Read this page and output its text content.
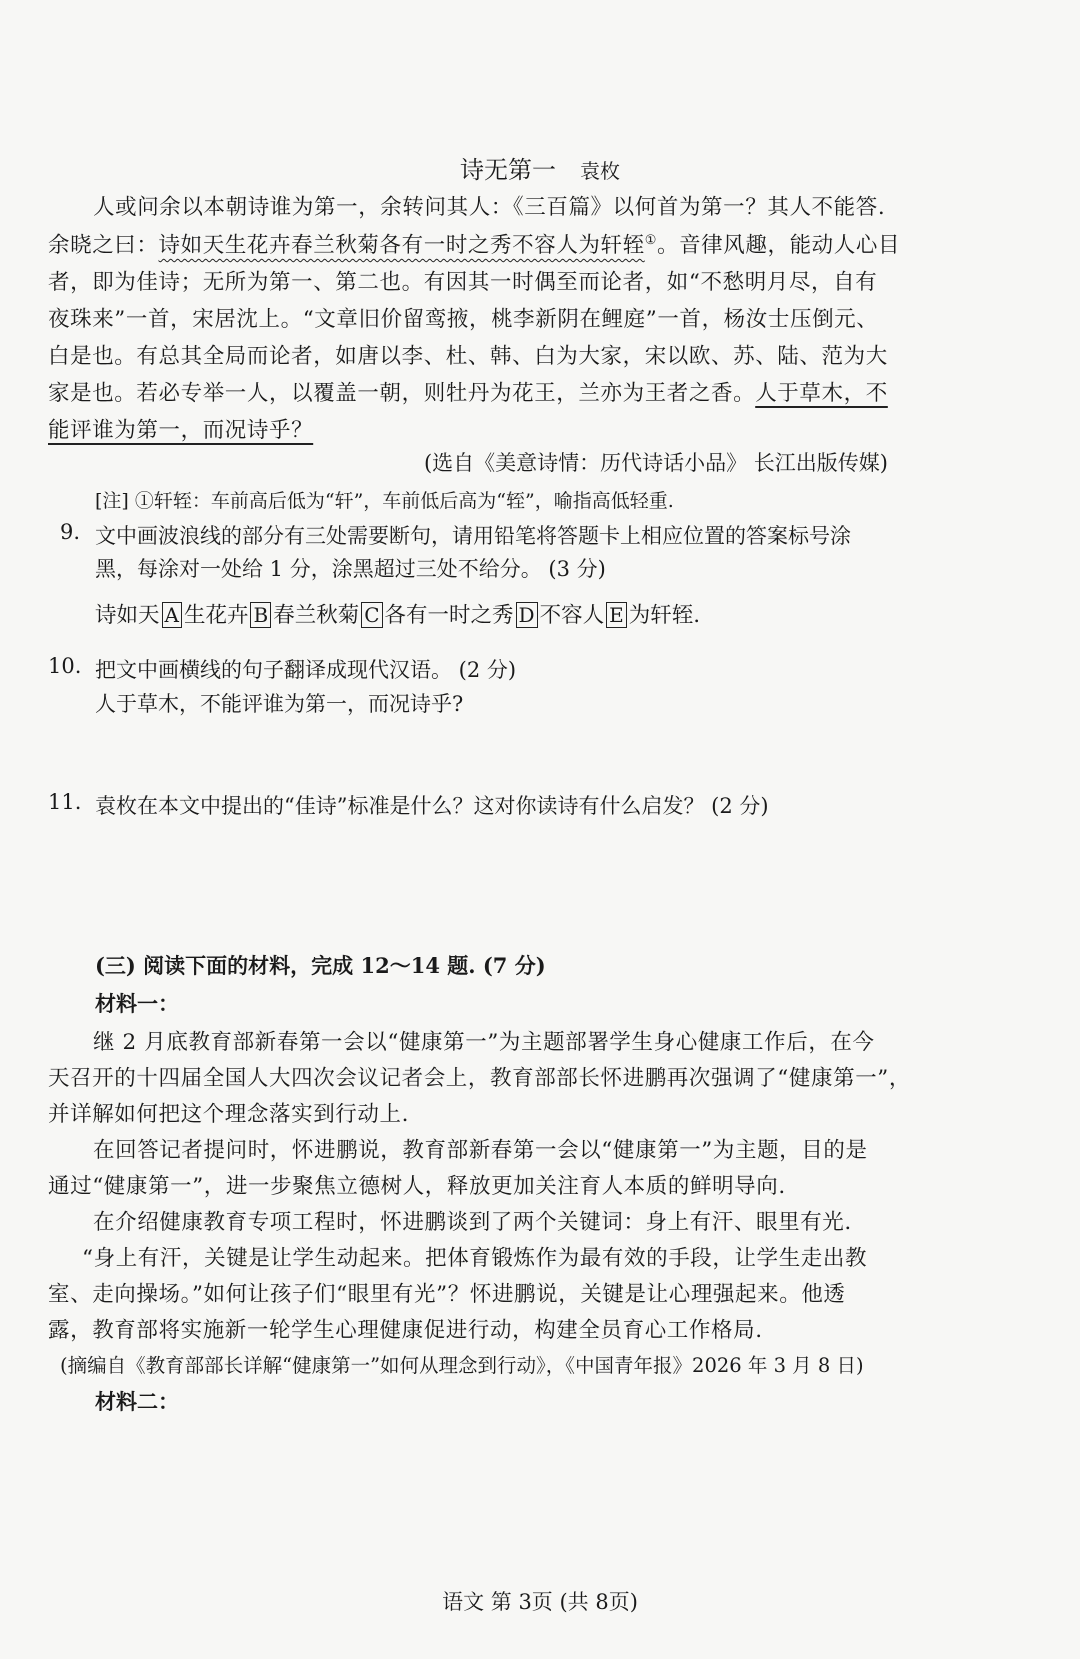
诗无第一 袁枚
人或问余以本朝诗谁为第一，余转问其人：《三百篇》以何首为第一？其人不能答.
余晓之曰：诗如天生花卉春兰秋菊各有一时之秀不容人为轩轾①。音律风趣，能动人心目
者，即为佳诗；无所为第一、第二也。有因其一时偶至而论者，如“不愁明月尽，自有
夜珠来”一首，宋居沈上。“文章旧价留鸾掖，桃李新阴在鲤庭”一首，杨汝士压倒元、
白是也。有总其全局而论者，如唐以李、杜、韩、白为大家，宋以欧、苏、陆、范为大
家是也。若必专举一人，以覆盖一朝，则牡丹为花王，兰亦为王者之香。人于草木，不
能评谁为第一，而况诗乎？
(选自《美意诗情：历代诗话小品》 长江出版传媒)
[注] ①轩轾：车前高后低为“轩”，车前低后高为“轾”，喻指高低轻重.
9. 文中画波浪线的部分有三处需要断句，请用铅笔将答题卡上相应位置的答案标号涂
黑，每涂对一处给 1 分，涂黑超过三处不给分。 (3 分)
诗如天 A 生花卉 B 春兰秋菊 C 各有一时之秀 D 不容人 E 为轩轾.
10. 把文中画横线的句子翻译成现代汉语。 (2 分)
人于草木，不能评谁为第一，而况诗乎?
11. 袁枚在本文中提出的“佳诗”标准是什么？这对你读诗有什么启发？ (2 分)
(三) 阅读下面的材料，完成 12～14 题. (7 分)
材料一：
继 2 月底教育部新春第一会以“健康第一”为主题部署学生身心健康工作后，在今
天召开的十四届全国人大四次会议记者会上，教育部部长怀进鹏再次强调了“健康第一”，
并详解如何把这个理念落实到行动上.
在回答记者提问时，怀进鹏说，教育部新春第一会以“健康第一”为主题，目的是
通过“健康第一”，进一步聚焦立德树人，释放更加关注育人本质的鲜明导向.
在介绍健康教育专项工程时，怀进鹏谈到了两个关键词：身上有汗、眼里有光.
“身上有汗，关键是让学生动起来。把体育锻炼作为最有效的手段，让学生走出教
室、走向操场。”如何让孩子们“眼里有光”？怀进鹏说，关键是让心理强起来。他透
露，教育部将实施新一轮学生心理健康促进行动，构建全员育心工作格局.
(摘编自《教育部部长详解“健康第一”如何从理念到行动》，《中国青年报》2026 年 3 月 8 日)
材料二：
语文 第 3页 (共 8页)
